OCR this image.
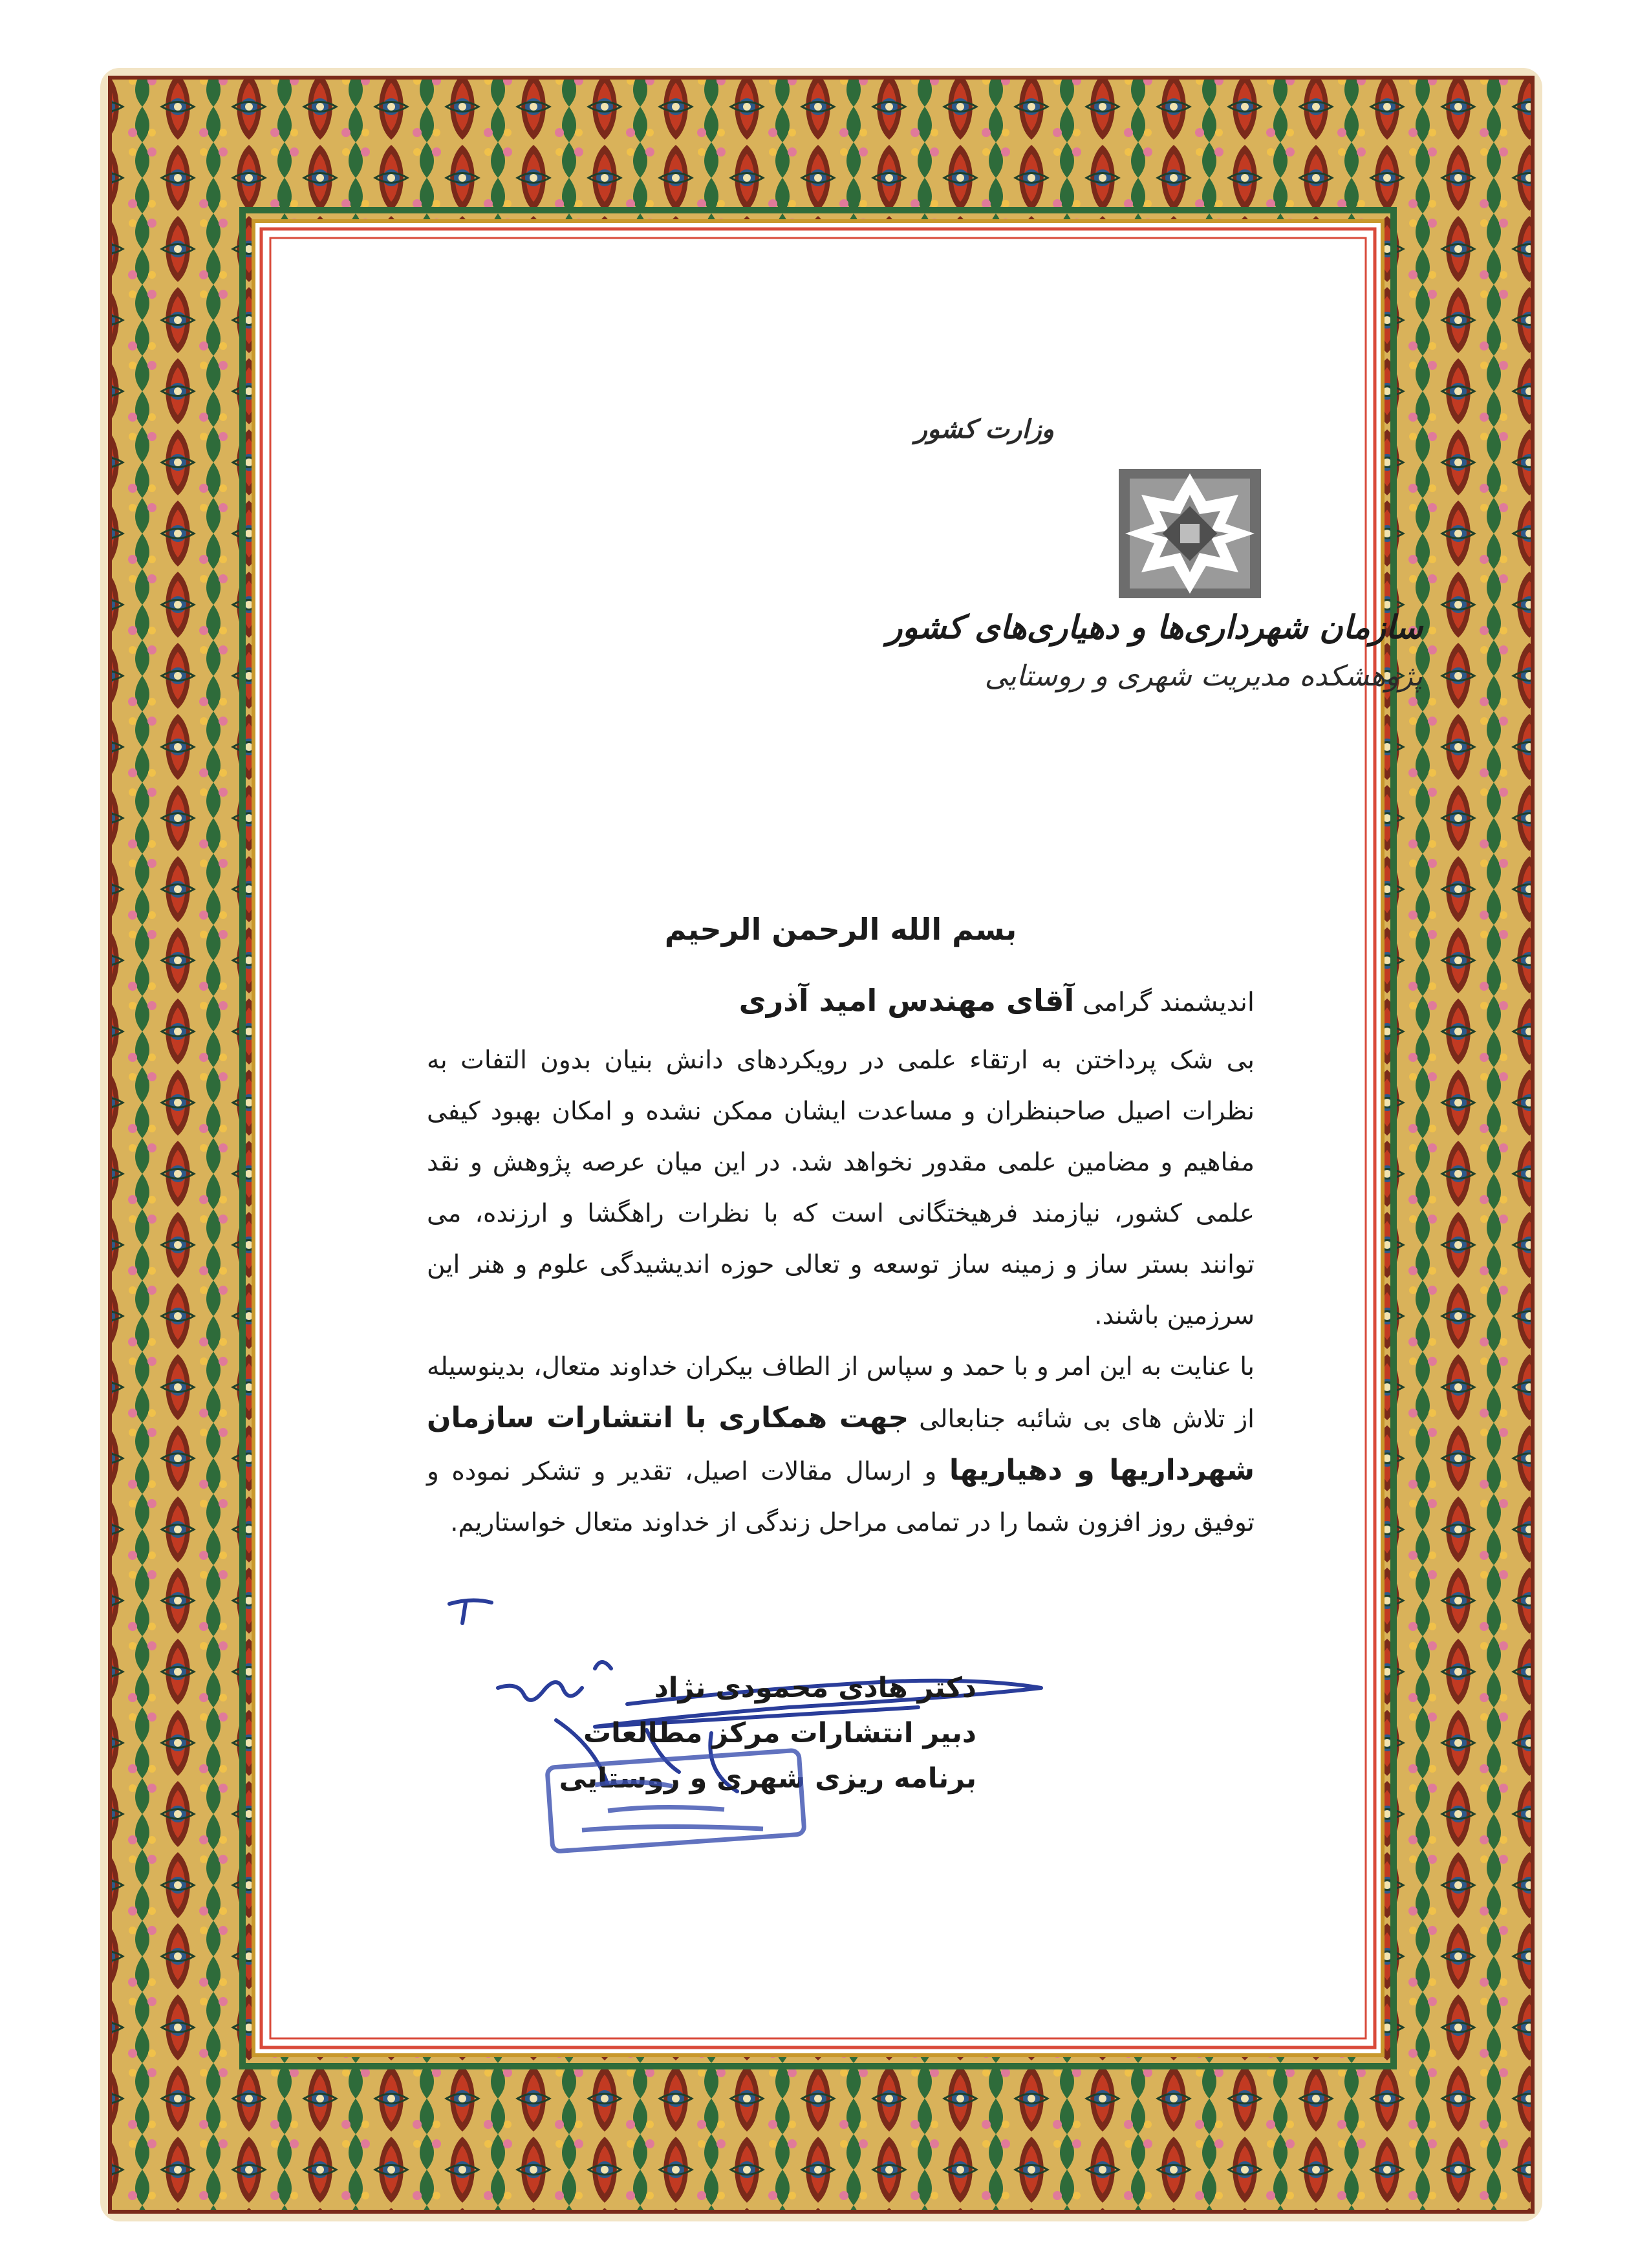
وزارت کشور
سازمان شهرداری‌ها و دهیاری‌های کشور
پژوهشکده مدیریت شهری و روستایی
بسم الله الرحمن الرحیم
اندیشمند گرامی آقای مهندس امید آذری

بی شک پرداختن به ارتقاء علمی در رویکردهای دانش بنیان بدون التفات به نظرات اصیل صاحبنظران و مساعدت ایشان ممکن نشده و امکان بهبود کیفی مفاهیم و مضامین علمی مقدور نخواهد شد. در این میان عرصه پژوهش و نقد علمی کشور، نیازمند فرهیختگانی است که با نظرات راهگشا و ارزنده، می توانند بستر ساز و زمینه ساز توسعه و تعالی حوزه اندیشیدگی علوم و هنر این سرزمین باشند.

با عنایت به این امر و با حمد و سپاس از الطاف بیکران خداوند متعال، بدینوسیله از تلاش های بی شائبه جنابعالی جهت همکاری با انتشارات سازمان شهرداریها و دهیاریها و ارسال مقالات اصیل، تقدیر و تشکر نموده و توفیق روز افزون شما را در تمامی مراحل زندگی از خداوند متعال خواستاریم.

دکتر هادی محمودی نژاد
دبیر انتشارات مرکز مطالعات
برنامه ریزی شهری و روستایی
